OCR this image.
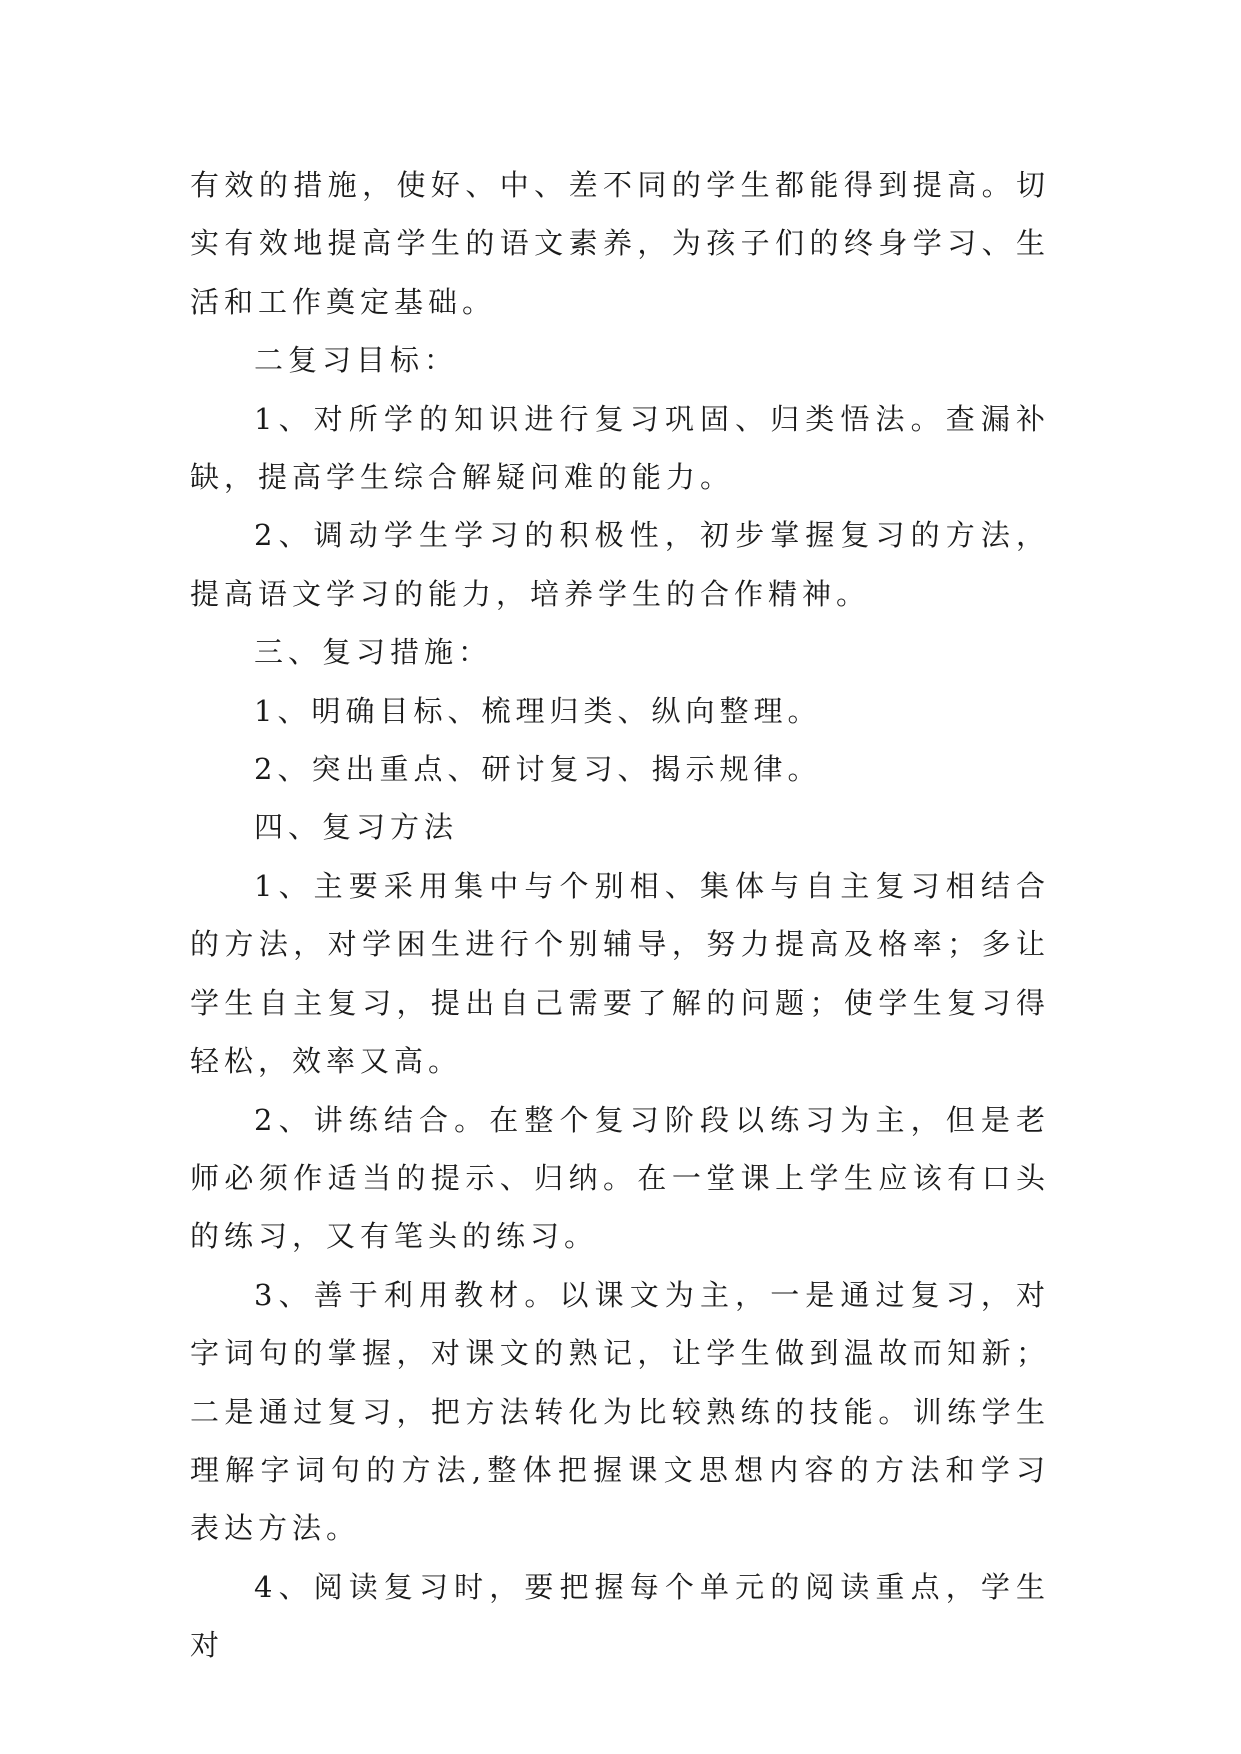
有效的措施，使好、中、差不同的学生都能得到提高。切实有效地提高学生的语文素养，为孩子们的终身学习、生活和工作奠定基础。

二复习目标：

1、对所学的知识进行复习巩固、归类悟法。查漏补缺，提高学生综合解疑问难的能力。

2、调动学生学习的积极性，初步掌握复习的方法，提高语文学习的能力，培养学生的合作精神。

三、复习措施：

1、明确目标、梳理归类、纵向整理。

2、突出重点、研讨复习、揭示规律。

四、复习方法

1、主要采用集中与个别相、集体与自主复习相结合的方法，对学困生进行个别辅导，努力提高及格率；多让学生自主复习，提出自己需要了解的问题；使学生复习得轻松，效率又高。

2、讲练结合。在整个复习阶段以练习为主，但是老师必须作适当的提示、归纳。在一堂课上学生应该有口头的练习，又有笔头的练习。

3、善于利用教材。以课文为主，一是通过复习，对字词句的掌握，对课文的熟记，让学生做到温故而知新；二是通过复习，把方法转化为比较熟练的技能。训练学生理解字词句的方法,整体把握课文思想内容的方法和学习表达方法。

4、阅读复习时，要把握每个单元的阅读重点，学生对
